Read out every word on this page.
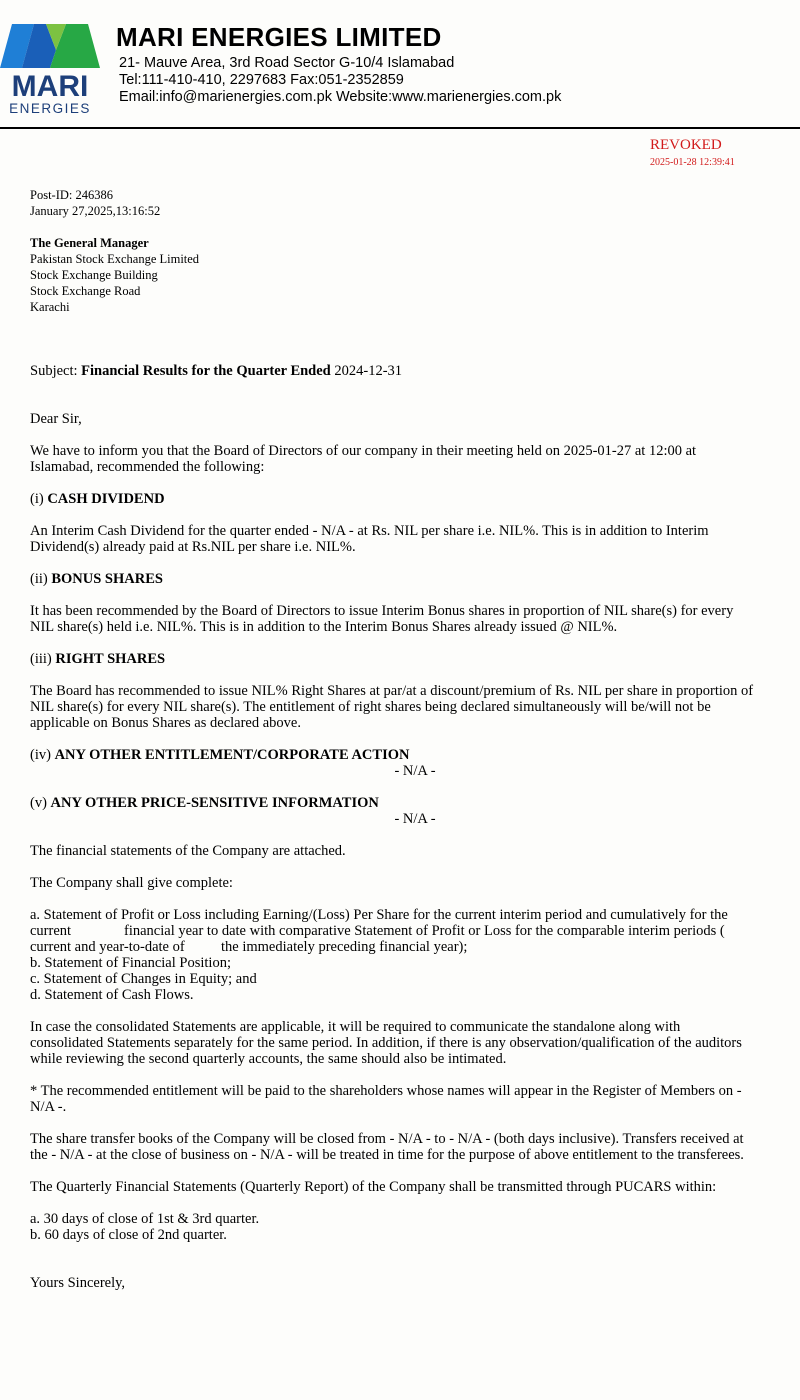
MARI
ENERGIES
MARI ENERGIES LIMITED
21- Mauve Area, 3rd Road Sector G-10/4 Islamabad
Tel:111-410-410, 2297683 Fax:051-2352859
Email:info@marienergies.com.pk Website:www.marienergies.com.pk
REVOKED
2025-01-28 12:39:41

Post-ID: 246386

January 27,2025,13:16:52

The General Manager

Pakistan Stock Exchange Limited

Stock Exchange Building

Stock Exchange Road

Karachi

Subject: Financial Results for the Quarter Ended 2024-12-31

Dear Sir,

We have to inform you that the Board of Directors of our company in their meeting held on 2025-01-27 at 12:00 at

Islamabad, recommended the following:

(i) CASH DIVIDEND

An Interim Cash Dividend for the quarter ended - N/A - at Rs. NIL per share i.e. NIL%. This is in addition to Interim

Dividend(s) already paid at Rs.NIL per share i.e. NIL%.

(ii) BONUS SHARES

It has been recommended by the Board of Directors to issue Interim Bonus shares in proportion of NIL share(s) for every

NIL share(s) held i.e. NIL%. This is in addition to the Interim Bonus Shares already issued @ NIL%.

(iii) RIGHT SHARES

The Board has recommended to issue NIL% Right Shares at par/at a discount/premium of Rs. NIL per share in proportion of

NIL share(s) for every NIL share(s). The entitlement of right shares being declared simultaneously will be/will not be

applicable on Bonus Shares as declared above.

(iv) ANY OTHER ENTITLEMENT/CORPORATE ACTION

- N/A -

(v) ANY OTHER PRICE-SENSITIVE INFORMATION

- N/A -

The financial statements of the Company are attached.

The Company shall give complete:

a. Statement of Profit or Loss including Earning/(Loss) Per Share for the current interim period and cumulatively for the

current	financial year to date with comparative Statement of Profit or Loss for the comparable interim periods (

current and year-to-date of	the immediately preceding financial year);

b. Statement of Financial Position;

c. Statement of Changes in Equity; and

d. Statement of Cash Flows.

In case the consolidated Statements are applicable, it will be required to communicate the standalone along with

consolidated Statements separately for the same period. In addition, if there is any observation/qualification of the auditors

while reviewing the second quarterly accounts, the same should also be intimated.

* The recommended entitlement will be paid to the shareholders whose names will appear in the Register of Members on -

N/A -.

The share transfer books of the Company will be closed from - N/A - to - N/A - (both days inclusive). Transfers received at

the - N/A - at the close of business on - N/A - will be treated in time for the purpose of above entitlement to the transferees.

The Quarterly Financial Statements (Quarterly Report) of the Company shall be transmitted through PUCARS within:

a. 30 days of close of 1st & 3rd quarter.

b. 60 days of close of 2nd quarter.

Yours Sincerely,
